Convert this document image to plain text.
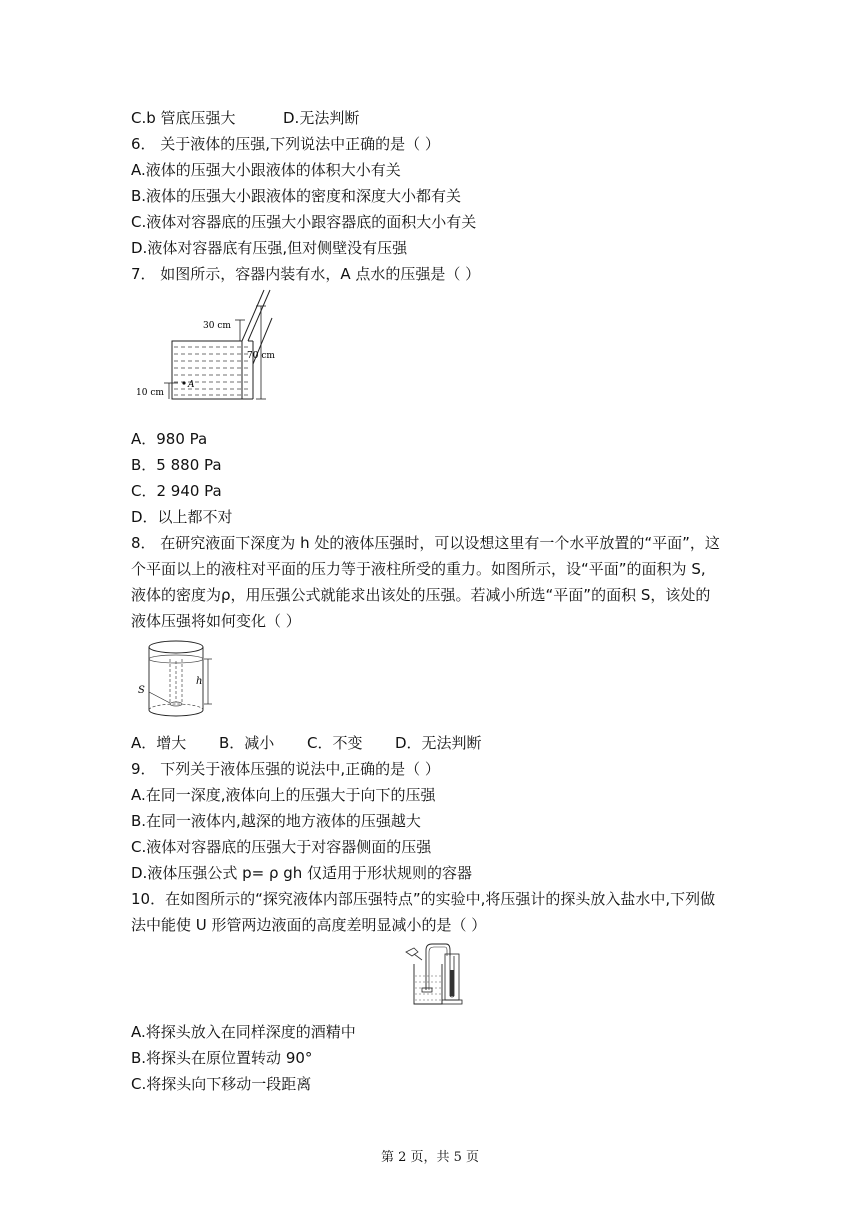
C.b 管底压强大	D.无法判断
6． 关于液体的压强,下列说法中正确的是（ ）
A.液体的压强大小跟液体的体积大小有关
B.液体的压强大小跟液体的密度和深度大小都有关
C.液体对容器底的压强大小跟容器底的面积大小有关
D.液体对容器底有压强,但对侧壁没有压强
7． 如图所示，容器内装有水，A 点水的压强是（ ）
30 cm
70 cm
10 cm
A
A．980 Pa
B．5 880 Pa
C．2 940 Pa
D．以上都不对
8． 在研究液面下深度为 h 处的液体压强时，可以设想这里有一个水平放置的“平面”，这
个平面以上的液柱对平面的压力等于液柱所受的重力。如图所示，设“平面”的面积为 S,
液体的密度为ρ，用压强公式就能求出该处的压强。若减小所选“平面”的面积 S，该处的
液体压强将如何变化（ ）
S
h
A．增大 B．减小 C．不变 D．无法判断
9． 下列关于液体压强的说法中,正确的是（ ）
A.在同一深度,液体向上的压强大于向下的压强
B.在同一液体内,越深的地方液体的压强越大
C.液体对容器底的压强大于对容器侧面的压强
D.液体压强公式 p= ρ gh 仅适用于形状规则的容器
10．在如图所示的“探究液体内部压强特点”的实验中,将压强计的探头放入盐水中,下列做
法中能使 U 形管两边液面的高度差明显减小的是（ ）
A.将探头放入在同样深度的酒精中
B.将探头在原位置转动 90°
C.将探头向下移动一段距离
第 2 页，共 5 页
